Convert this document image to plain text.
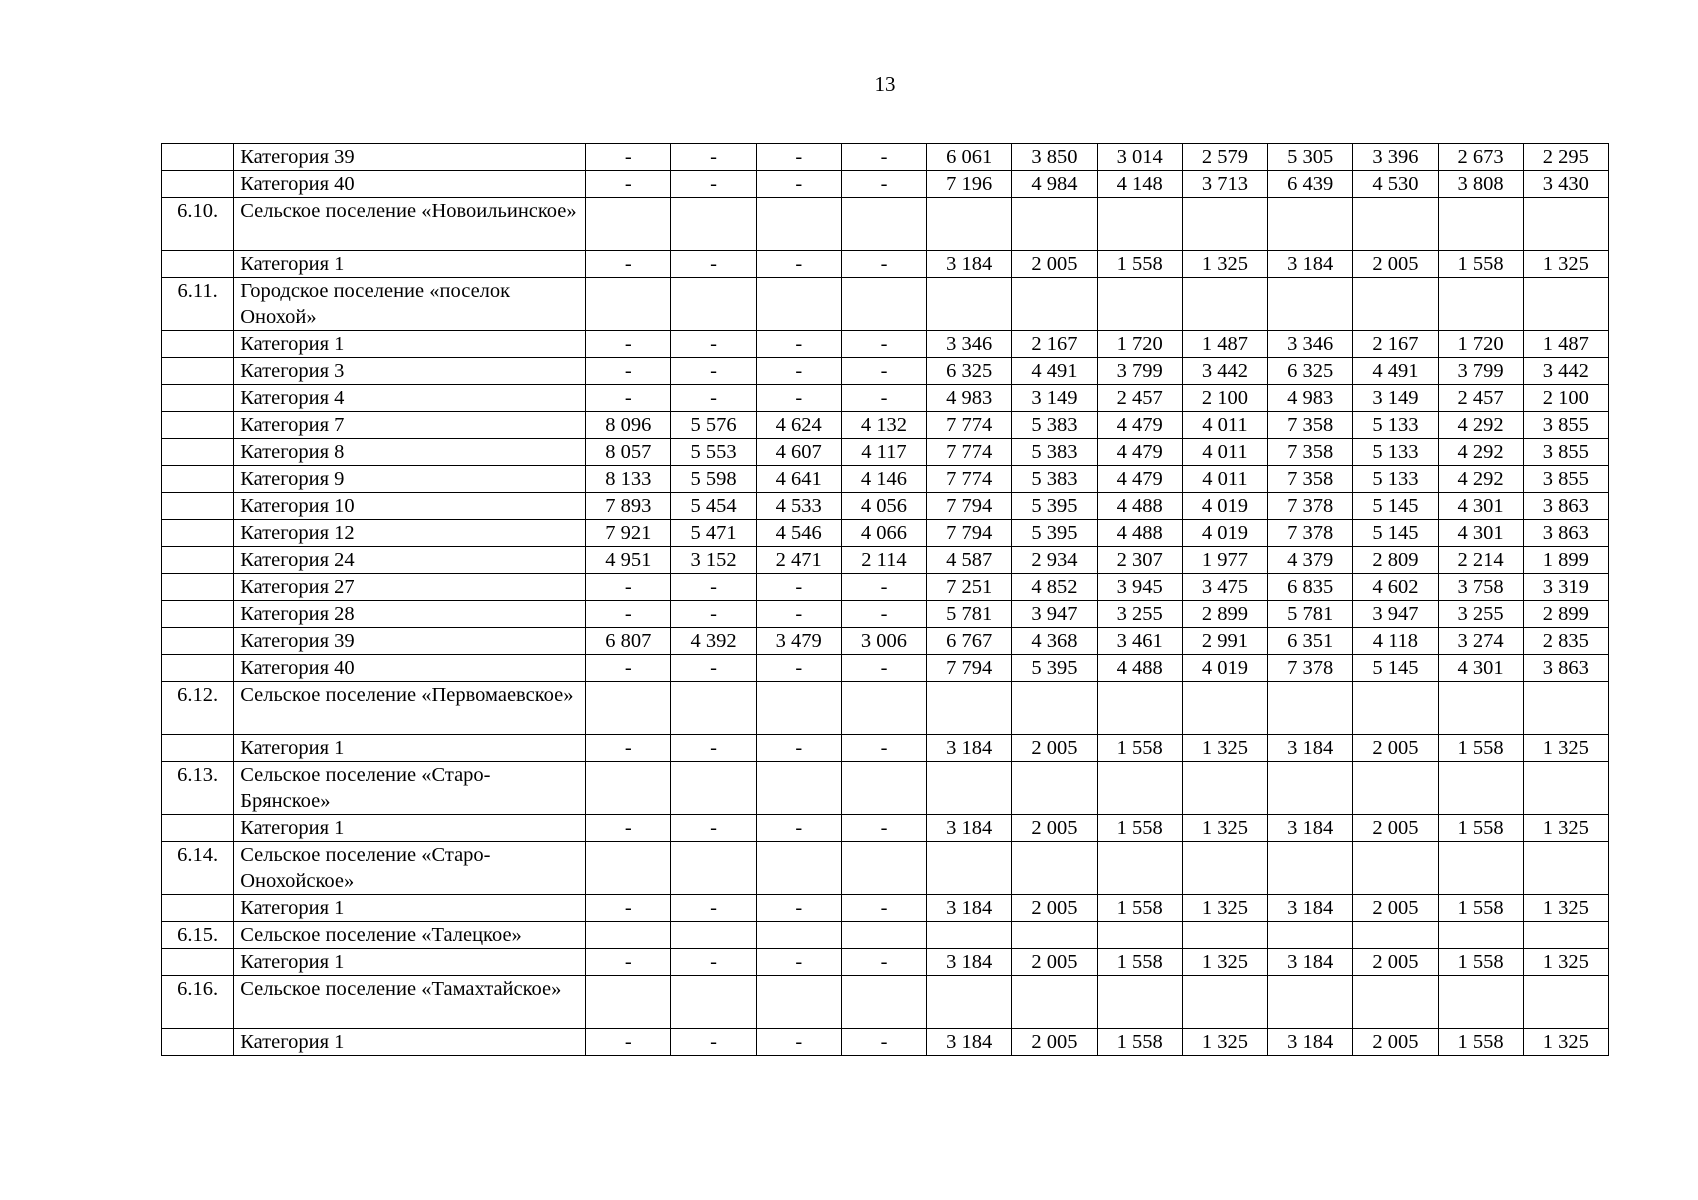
13
	Категория 39	-	-	-	-	6 061	3 850	3 014	2 579	5 305	3 396	2 673	2 295
	Категория 40	-	-	-	-	7 196	4 984	4 148	3 713	6 439	4 530	3 808	3 430
6.10.	Сельское поселение «Новоильинское»												
	Категория 1	-	-	-	-	3 184	2 005	1 558	1 325	3 184	2 005	1 558	1 325
6.11.	Городское поселение «поселок Онохой»												
	Категория 1	-	-	-	-	3 346	2 167	1 720	1 487	3 346	2 167	1 720	1 487
	Категория 3	-	-	-	-	6 325	4 491	3 799	3 442	6 325	4 491	3 799	3 442
	Категория 4	-	-	-	-	4 983	3 149	2 457	2 100	4 983	3 149	2 457	2 100
	Категория 7	8 096	5 576	4 624	4 132	7 774	5 383	4 479	4 011	7 358	5 133	4 292	3 855
	Категория 8	8 057	5 553	4 607	4 117	7 774	5 383	4 479	4 011	7 358	5 133	4 292	3 855
	Категория 9	8 133	5 598	4 641	4 146	7 774	5 383	4 479	4 011	7 358	5 133	4 292	3 855
	Категория 10	7 893	5 454	4 533	4 056	7 794	5 395	4 488	4 019	7 378	5 145	4 301	3 863
	Категория 12	7 921	5 471	4 546	4 066	7 794	5 395	4 488	4 019	7 378	5 145	4 301	3 863
	Категория 24	4 951	3 152	2 471	2 114	4 587	2 934	2 307	1 977	4 379	2 809	2 214	1 899
	Категория 27	-	-	-	-	7 251	4 852	3 945	3 475	6 835	4 602	3 758	3 319
	Категория 28	-	-	-	-	5 781	3 947	3 255	2 899	5 781	3 947	3 255	2 899
	Категория 39	6 807	4 392	3 479	3 006	6 767	4 368	3 461	2 991	6 351	4 118	3 274	2 835
	Категория 40	-	-	-	-	7 794	5 395	4 488	4 019	7 378	5 145	4 301	3 863
6.12.	Сельское поселение «Первомаевское»												
	Категория 1	-	-	-	-	3 184	2 005	1 558	1 325	3 184	2 005	1 558	1 325
6.13.	Сельское поселение «Старо-Брянское»												
	Категория 1	-	-	-	-	3 184	2 005	1 558	1 325	3 184	2 005	1 558	1 325
6.14.	Сельское поселение «Старо-Онохойское»												
	Категория 1	-	-	-	-	3 184	2 005	1 558	1 325	3 184	2 005	1 558	1 325
6.15.	Сельское поселение «Талецкое»												
	Категория 1	-	-	-	-	3 184	2 005	1 558	1 325	3 184	2 005	1 558	1 325
6.16.	Сельское поселение «Тамахтайское»												
	Категория 1	-	-	-	-	3 184	2 005	1 558	1 325	3 184	2 005	1 558	1 325
